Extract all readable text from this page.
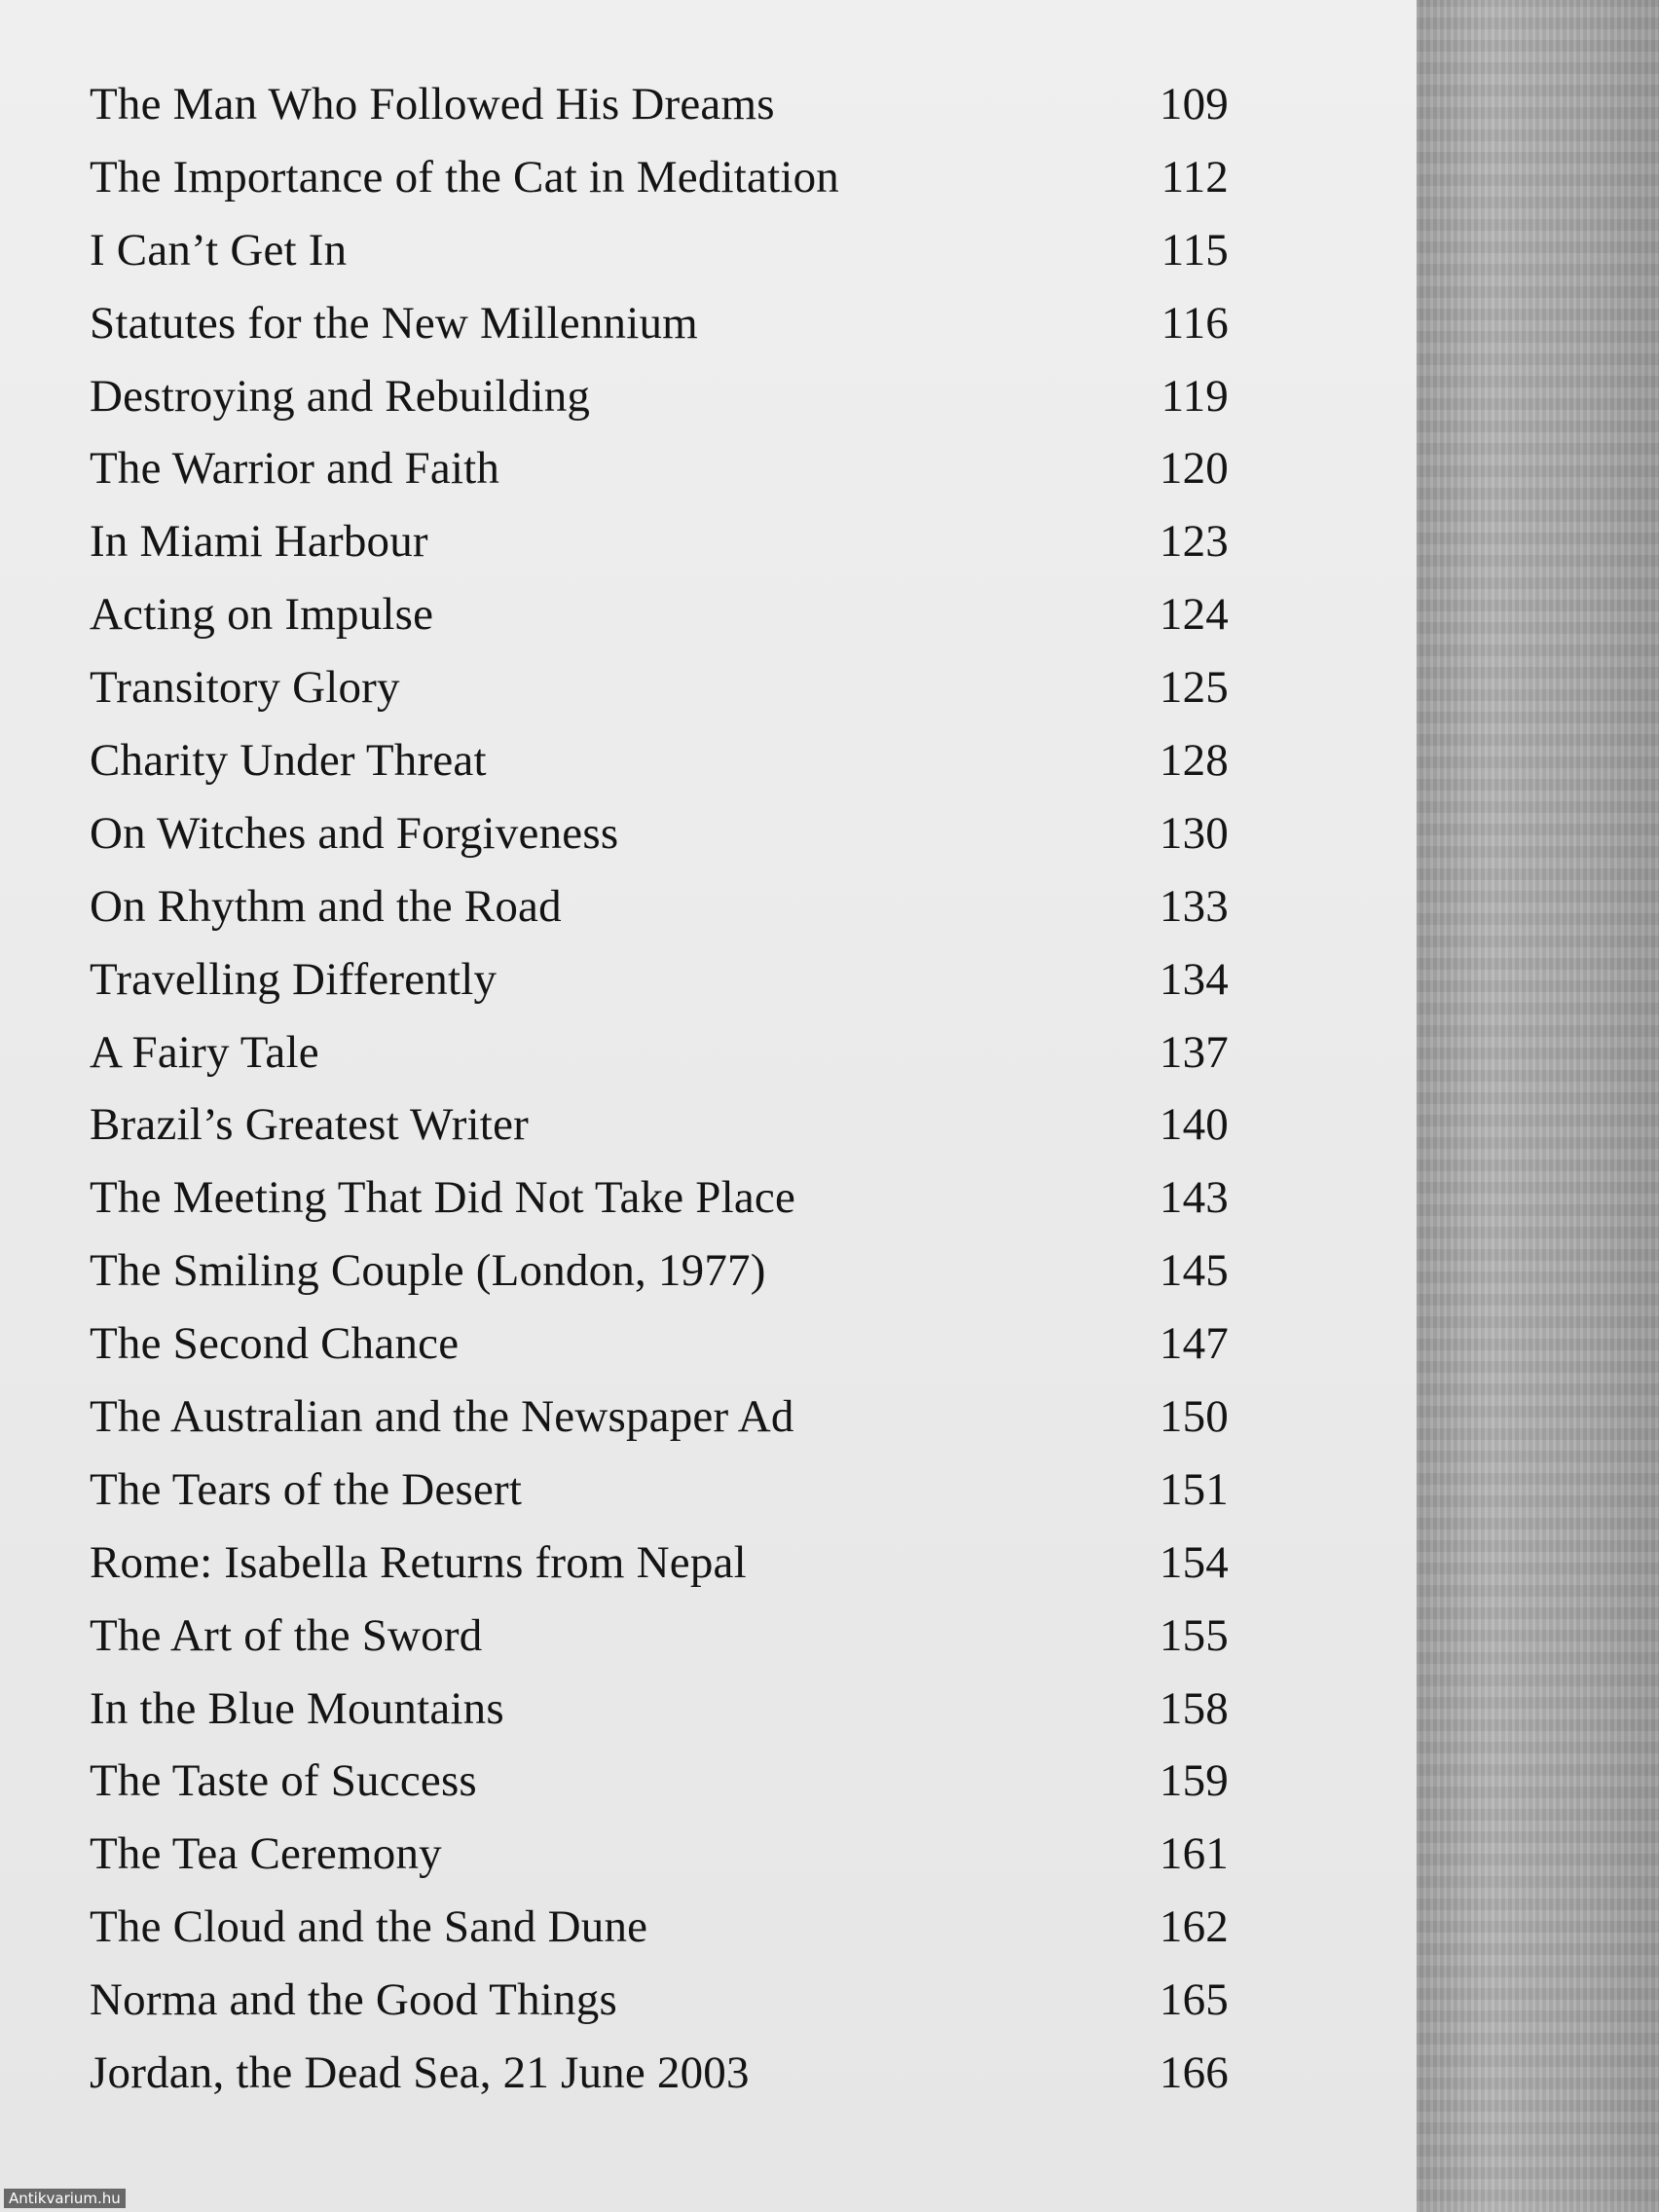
The Man Who Followed His Dreams	109
The Importance of the Cat in Meditation	112
I Can’t Get In	115
Statutes for the New Millennium	116
Destroying and Rebuilding	119
The Warrior and Faith	120
In Miami Harbour	123
Acting on Impulse	124
Transitory Glory	125
Charity Under Threat	128
On Witches and Forgiveness	130
On Rhythm and the Road	133
Travelling Differently	134
A Fairy Tale	137
Brazil’s Greatest Writer	140
The Meeting That Did Not Take Place	143
The Smiling Couple (London, 1977)	145
The Second Chance	147
The Australian and the Newspaper Ad	150
The Tears of the Desert	151
Rome: Isabella Returns from Nepal	154
The Art of the Sword	155
In the Blue Mountains	158
The Taste of Success	159
The Tea Ceremony	161
The Cloud and the Sand Dune	162
Norma and the Good Things	165
Jordan, the Dead Sea, 21 June 2003	166
Antikvarium.hu
